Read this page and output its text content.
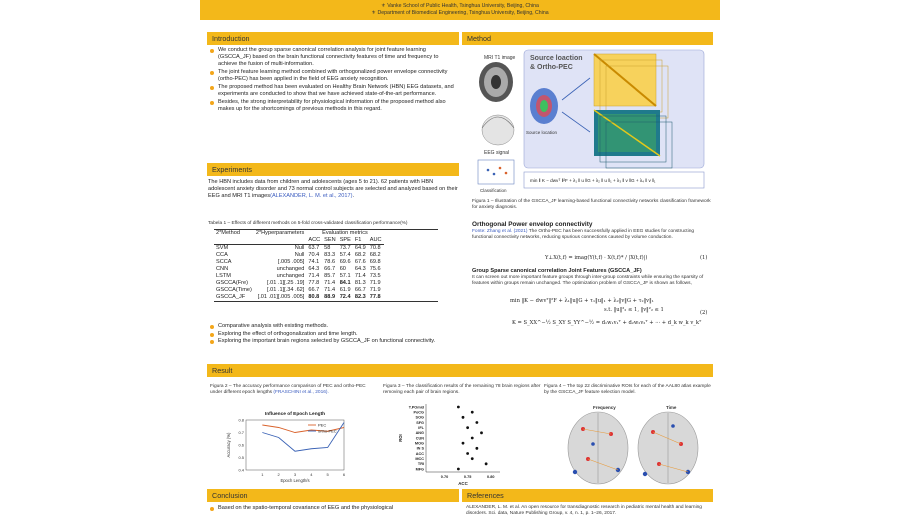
⚜ Vanke School of Public Health, Tsinghua University, Beijing, China
⚜ Department of Biomedical Engineering, Tsinghua University, Beijing, China
Introduction
We conduct the group sparse canonical correlation analysis for joint feature learning (GSCCA_JF) based on the brain functional connectivity features of time and frequency to achieve the fusion of multi-information.
The joint feature learning method combined with orthogonalized power envelope connectivity (ortho-PEC) has been applied in the field of EEG anxiety recognition.
The proposed method has been evaluated on Healthy Brain Network (HBN) EEG datasets, and experiments are conducted to show that we have achieved state-of-the-art performance.
Besides, the strong interpretability for physiological information of the proposed method also makes up for the shortcomings of previous methods in this regard.
Experiments
The HBN includes data from children and adolescents (ages 5 to 21). 62 patients with HBN adolescent anxiety disorder and 73 normal control subjects are selected and analyzed based on their EEG and MRI T1 images(ALEXANDER, L. M. et al., 2017).
Tabela 1 – Effects of different methods on 5-fold cross-validated classification performance(%)
2*Method	2*Hyperparameters	Evaluation metrics				
		ACC	SEN	SPE	F1	AUC
SVM	Null	63.7	58	73.7	64.9	70.8
CCA	Null	70.4	83.3	57.4	68.2	68.2
SCCA	[.005 .005]	74.1	78.6	69.6	67.6	69.8
CNN	unchanged	64.3	66.7	60	64.3	75.6
LSTM	unchanged	71.4	85.7	57.1	71.4	73.5
GSCCA(Fre)	[.01 .1][.25 .19]	77.8	71.4	84.1	81.3	71.9
GSCCA(Time)	[.01 .1][.34 .62]	66.7	71.4	61.9	66.7	71.9
GSCCA_JF	[.01 .01][.005 .005]	80.8	88.9	72.4	82.3	77.8
Comparative analysis with existing methods.
Exploring the effect of orthogonalization and time length.
Exploring the important brain regions selected by GSCCA_JF on functional connectivity.
Method
MRI T1 image
EEG signal
Classification
Source loaction
& Ortho-PEC
Source location
min ‖ K − dwvᵀ ‖²F + λ₁ ‖ u ‖G + λ₂ ‖ u ‖₁ + λ₃ ‖ v ‖G + λ₄ ‖ v ‖₁
Figura 1 – Illustration of the GSCCA_JF learning-based functional connectivity networks classification framework for anxiety diagnosis.
Orthogonal Power envelop connectivity
Fonte: Zhang et al. (2021) The Ortho-PEC has been successfully applied in EEG studies for constructing functional connectivity networks, reducing spurious connections caused by volume conduction.
Y⊥X(t,f) = imag(Y(t,f) · X(t,f)* / |X(t,f)|)	(1)
Group Sparse canonical correlation Joint Features (GSCCA_JF)
It can screen out more important feature groups through inter-group constraints while ensuring the sparsity of features within groups remain unchanged. The optimization problem of GSCCA_JF is shown as follows,
min ‖K − dwvᵀ‖²F + λ₁‖u‖G + τ₁‖u‖₁ + λ₂‖v‖G + τ₂‖v‖₁
s.t. ‖u‖²₂ ≤ 1, ‖v‖²₂ ≤ 1	(2)
K = S_XX^−½ S_XY S_YY^−½ = d₁w₁v₁ᵀ + d₂w₂v₂ᵀ + ··· + d_k w_k v_kᵀ
Result
Figura 2 – The accuracy performance comparison of PEC and ortho-PEC under different epoch lengths (FRASCHINI et al., 2016).
Influence of Epoch Length
0.8
0.7
0.6
0.5
0.4
1	2	3	4	5	6
Epoch Length/s
Accuracy (%)
PEC
ortho-PEC
Figura 3 – The classification results of the remaining 78 brain regions after removing each pair of brain regions.
T.POmid
PoCG
SOG
SFG
IFL
ANG
CUN
MOG
IN S
ACC
MCC
TRI
MFG
0.70	0.75	0.80
ACC
ROI
Figura 4 – The top 22 discriminative ROIs for each of the AAL80 atlas example by the GSCCA_JF feature selection model.
Frequency	Time
Conclusion
Based on the spatio-temporal covariance of EEG and the physiological
References
ALEXANDER, L. M. et al. An open resource for transdiagnostic research in pediatric mental health and learning disorders. Sci. data, Nature Publishing Group, v. 4, n. 1, p. 1–26, 2017.
